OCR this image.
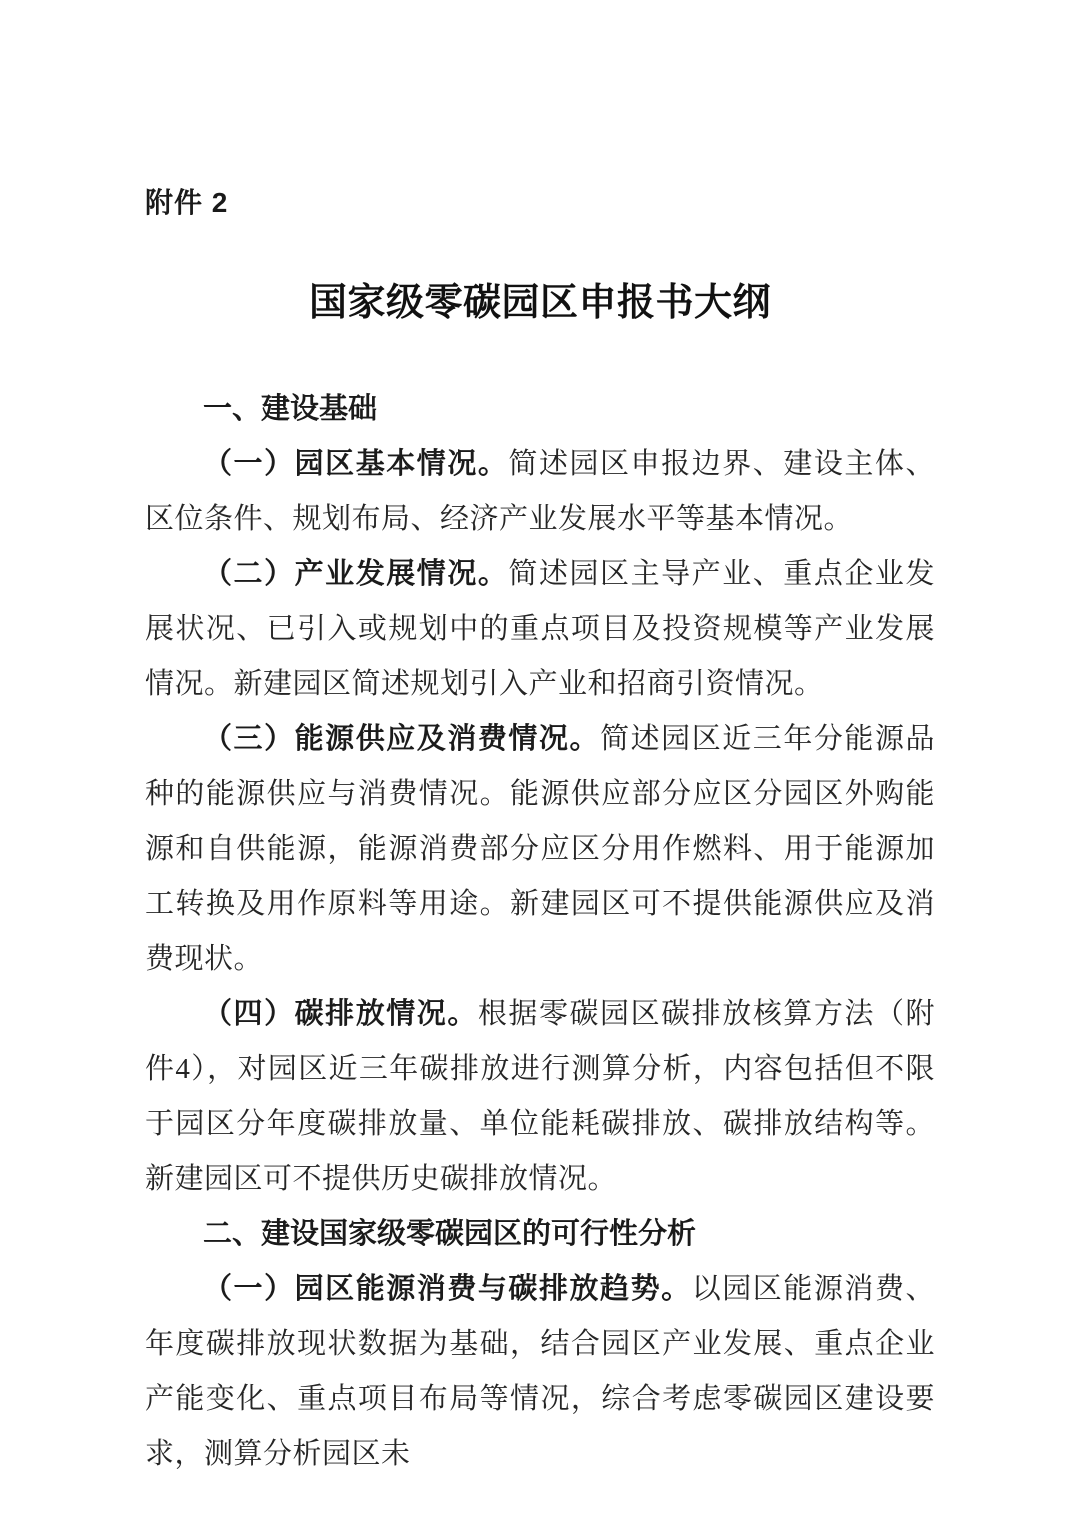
附件 2

国家级零碳园区申报书大纲
一、建设基础

（一）园区基本情况。简述园区申报边界、建设主体、区位条件、规划布局、经济产业发展水平等基本情况。

（二）产业发展情况。简述园区主导产业、重点企业发展状况、已引入或规划中的重点项目及投资规模等产业发展情况。新建园区简述规划引入产业和招商引资情况。

（三）能源供应及消费情况。简述园区近三年分能源品种的能源供应与消费情况。能源供应部分应区分园区外购能源和自供能源，能源消费部分应区分用作燃料、用于能源加工转换及用作原料等用途。新建园区可不提供能源供应及消费现状。

（四）碳排放情况。根据零碳园区碳排放核算方法（附件4），对园区近三年碳排放进行测算分析，内容包括但不限于园区分年度碳排放量、单位能耗碳排放、碳排放结构等。新建园区可不提供历史碳排放情况。

二、建设国家级零碳园区的可行性分析

（一）园区能源消费与碳排放趋势。以园区能源消费、年度碳排放现状数据为基础，结合园区产业发展、重点企业产能变化、重点项目布局等情况，综合考虑零碳园区建设要求，测算分析园区未
